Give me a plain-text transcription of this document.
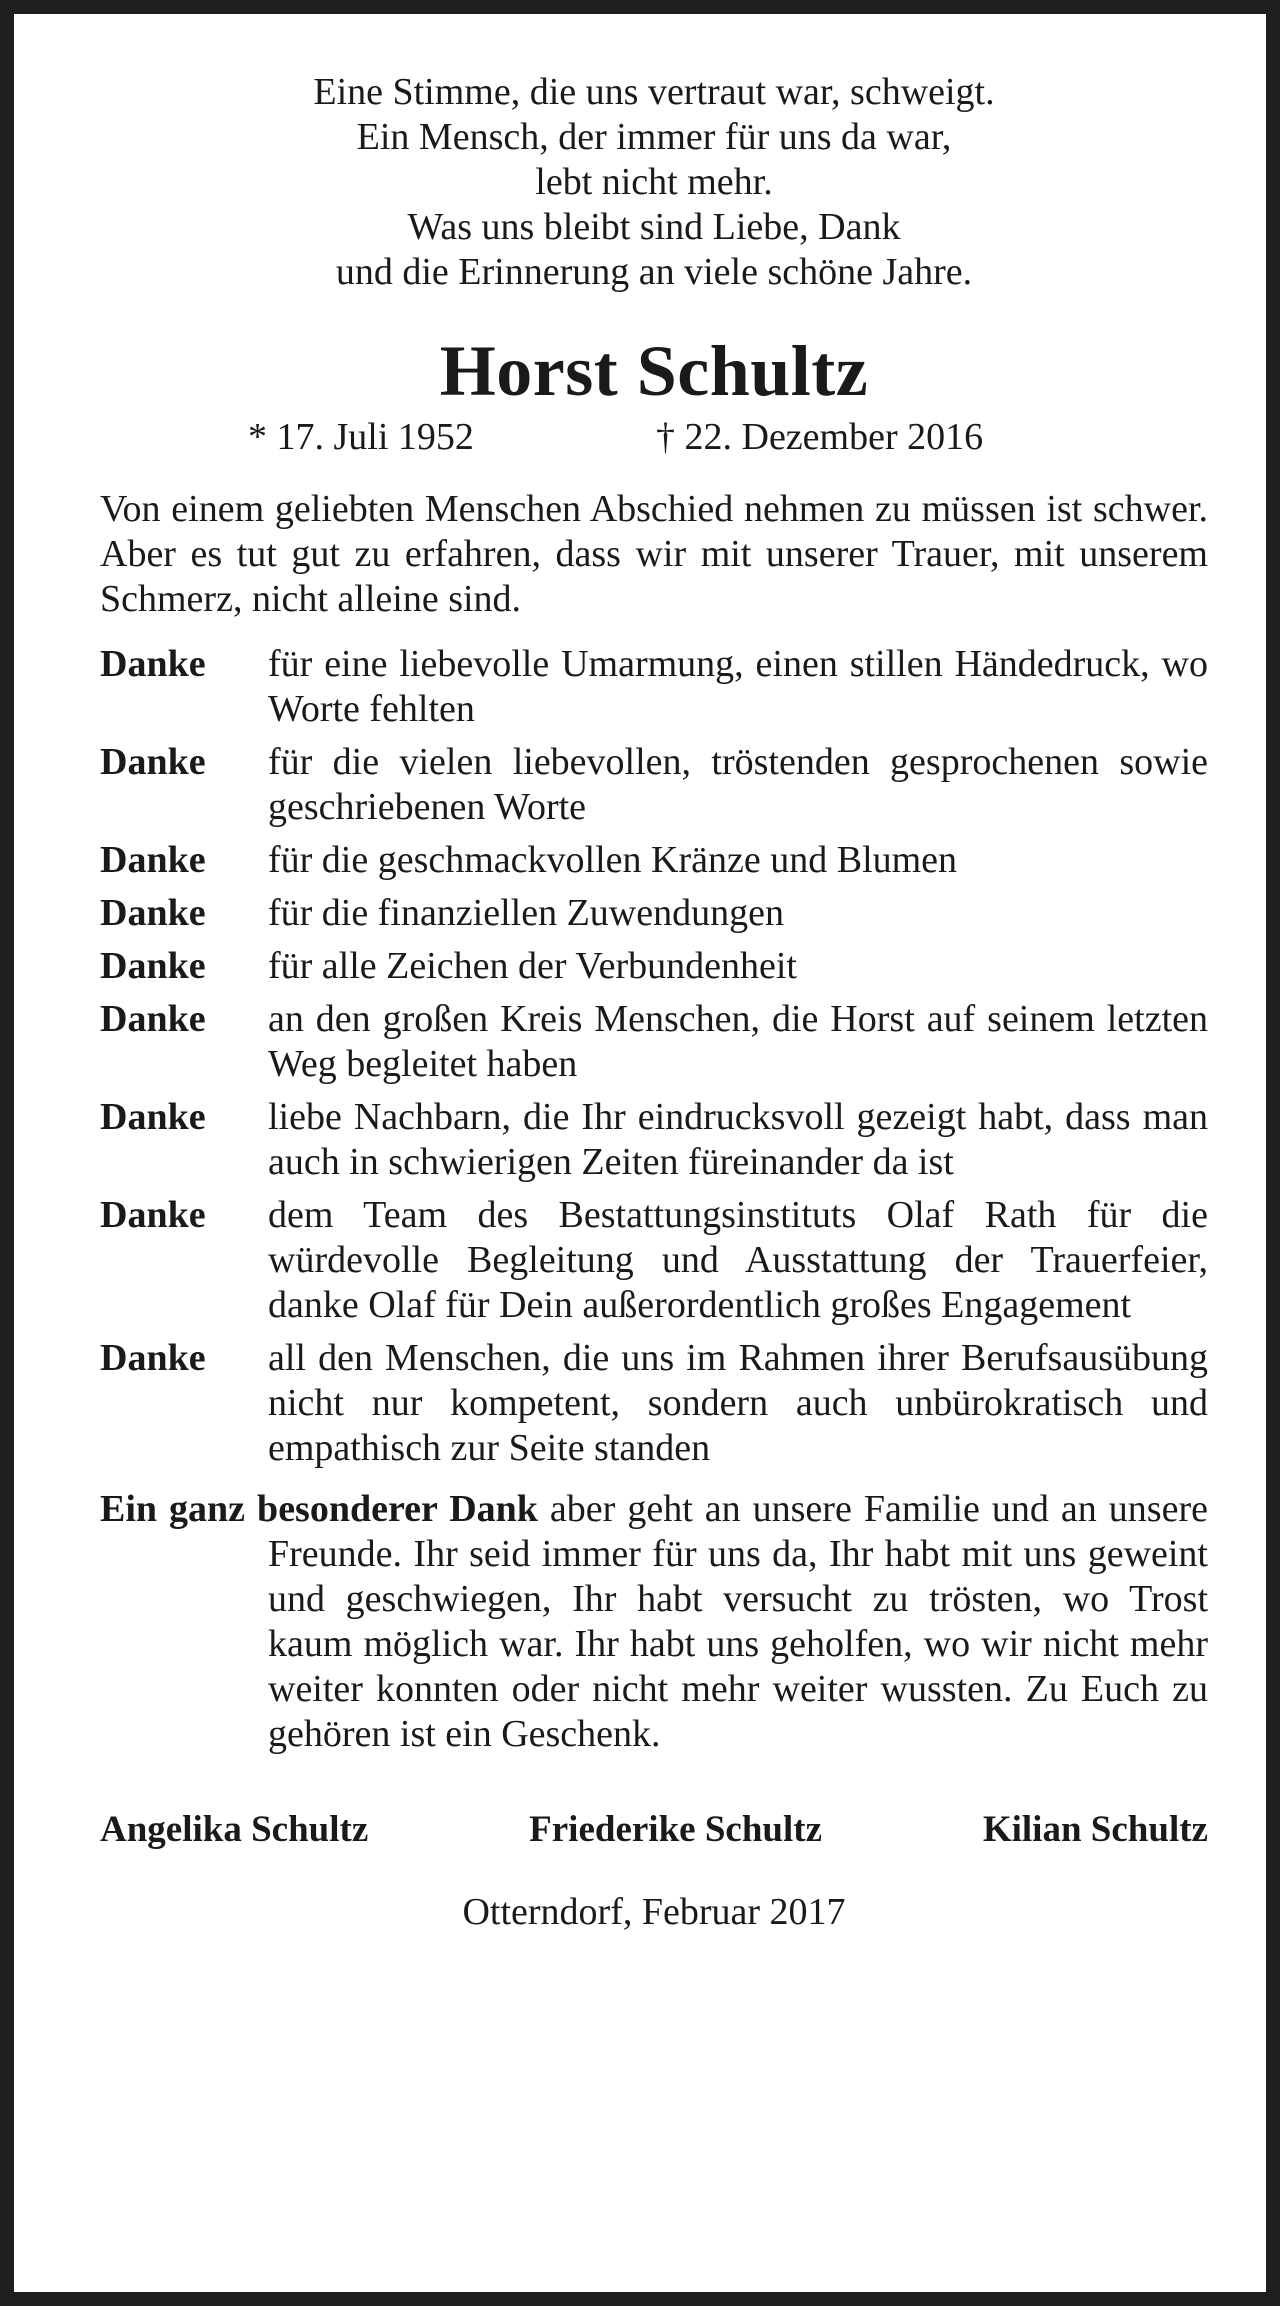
Eine Stimme, die uns vertraut war, schweigt.
Ein Mensch, der immer für uns da war,
lebt nicht mehr.
Was uns bleibt sind Liebe, Dank
und die Erinnerung an viele schöne Jahre.
Horst Schultz
* 17. Juli 1952	† 22. Dezember 2016
Von einem geliebten Menschen Abschied nehmen zu müssen ist schwer. Aber es tut gut zu erfahren, dass wir mit unserer Trauer, mit unserem Schmerz, nicht alleine sind.
Danke	für eine liebevolle Umarmung, einen stillen Händedruck, wo Worte fehlten
Danke	für die vielen liebevollen, tröstenden gesprochenen sowie geschriebenen Worte
Danke	für die geschmackvollen Kränze und Blumen
Danke	für die finanziellen Zuwendungen
Danke	für alle Zeichen der Verbundenheit
Danke	an den großen Kreis Menschen, die Horst auf seinem letzten Weg begleitet haben
Danke	liebe Nachbarn, die Ihr eindrucksvoll gezeigt habt, dass man auch in schwierigen Zeiten füreinander da ist
Danke	dem Team des Bestattungsinstituts Olaf Rath für die würdevolle Begleitung und Ausstattung der Trauerfeier, danke Olaf für Dein außerordentlich großes Engagement
Danke	all den Menschen, die uns im Rahmen ihrer Berufsausübung nicht nur kompetent, sondern auch unbürokratisch und empathisch zur Seite standen
Ein ganz besonderer Dank aber geht an unsere Familie und an unsere Freunde. Ihr seid immer für uns da, Ihr habt mit uns geweint und geschwiegen, Ihr habt versucht zu trösten, wo Trost kaum möglich war. Ihr habt uns geholfen, wo wir nicht mehr weiter konnten oder nicht mehr weiter wussten. Zu Euch zu gehören ist ein Geschenk.
Angelika Schultz	Friederike Schultz	Kilian Schultz
Otterndorf, Februar 2017
